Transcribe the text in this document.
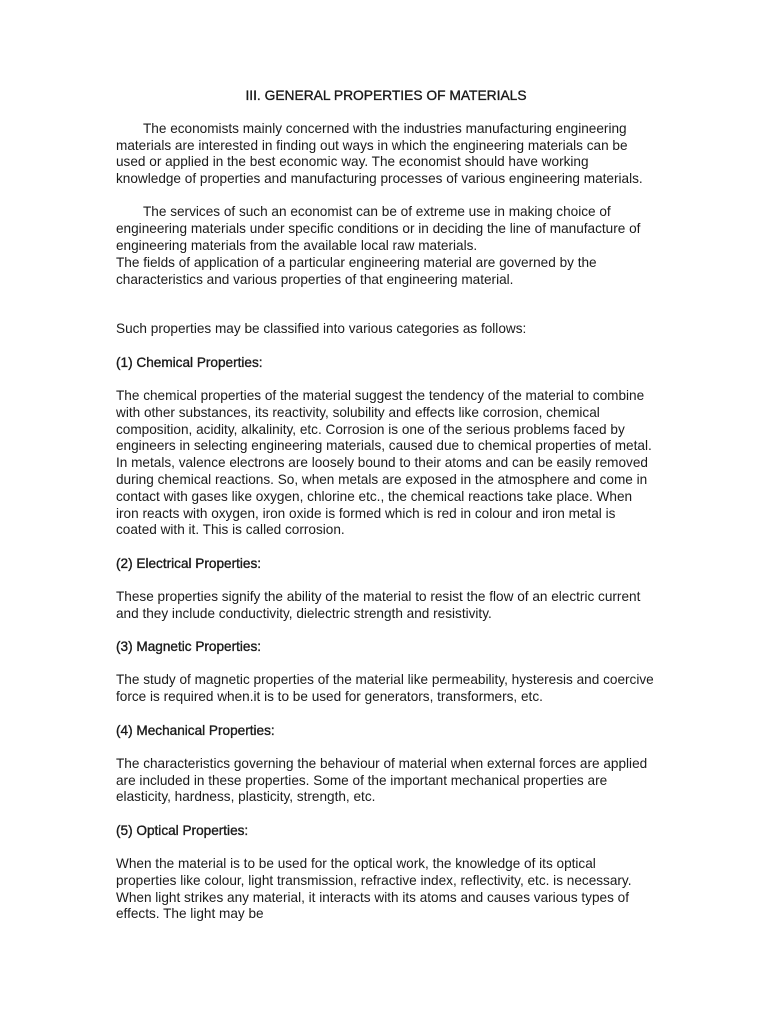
III. GENERAL PROPERTIES OF MATERIALS

The economists mainly concerned with the industries manufacturing engineering materials are interested in finding out ways in which the engineering materials can be used or applied in the best economic way. The economist should have working knowledge of properties and manufacturing processes of various engineering materials.

The services of such an economist can be of extreme use in making choice of engineering materials under specific conditions or in deciding the line of manufacture of engineering materials from the available local raw materials.

The fields of application of a particular engineering material are governed by the characteristics and various properties of that engineering material.

Such properties may be classified into various categories as follows:

(1) Chemical Properties:

The chemical properties of the material suggest the tendency of the material to combine with other substances, its reactivity, solubility and effects like corrosion, chemical composition, acidity, alkalinity, etc. Corrosion is one of the serious problems faced by engineers in selecting engineering materials, caused due to chemical properties of metal.

In metals, valence electrons are loosely bound to their atoms and can be easily removed during chemical reactions. So, when metals are exposed in the atmosphere and come in contact with gases like oxygen, chlorine etc., the chemical reactions take place. When iron reacts with oxygen, iron oxide is formed which is red in colour and iron metal is coated with it. This is called corrosion.

(2) Electrical Properties:

These properties signify the ability of the material to resist the flow of an electric current and they include conductivity, dielectric strength and resistivity.

(3) Magnetic Properties:

The study of magnetic properties of the material like permeability, hysteresis and coercive force is required when.it is to be used for generators, transformers, etc.

(4) Mechanical Properties:

The characteristics governing the behaviour of material when external forces are applied are included in these properties. Some of the important mechanical properties are elasticity, hardness, plasticity, strength, etc.

(5) Optical Properties:

When the material is to be used for the optical work, the knowledge of its optical properties like colour, light transmission, refractive index, reflectivity, etc. is necessary. When light strikes any material, it interacts with its atoms and causes various types of effects. The light may be
